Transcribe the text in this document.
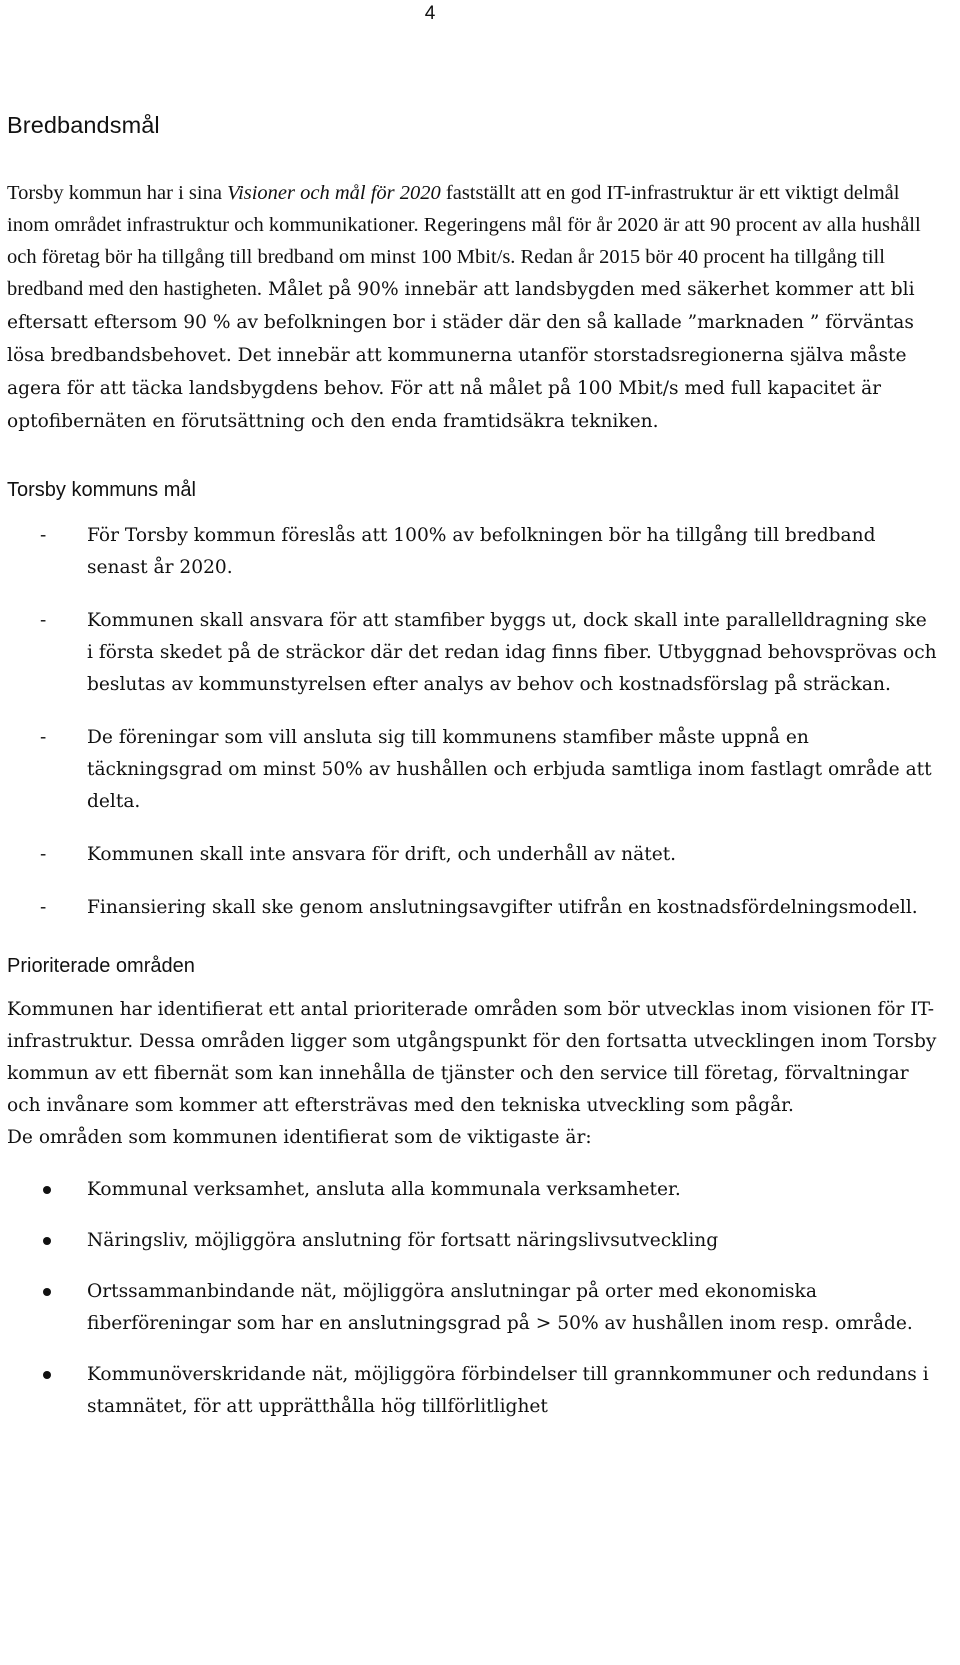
4
Bredbandsmål

Torsby kommun har i sina Visioner och mål för 2020 fastställt att en god IT-infrastruktur är ett viktigt delmål inom området infrastruktur och kommunikationer. Regeringens mål för år 2020 är att 90 procent av alla hushåll och företag bör ha tillgång till bredband om minst 100 Mbit/s. Redan år 2015 bör 40 procent ha tillgång till bredband med den hastigheten. Målet på 90% innebär att landsbygden med säkerhet kommer att bli eftersatt eftersom 90 % av befolkningen bor i städer där den så kallade ”marknaden ” förväntas lösa bredbandsbehovet. Det innebär att kommunerna utanför storstadsregionerna själva måste agera för att täcka landsbygdens behov. För att nå målet på 100 Mbit/s med full kapacitet är optofibernäten en förutsättning och den enda framtidsäkra tekniken.

Torsby kommuns mål
- För Torsby kommun föreslås att 100% av befolkningen bör ha tillgång till bredband senast år 2020.
- Kommunen skall ansvara för att stamfiber byggs ut, dock skall inte parallelldragning ske i första skedet på de sträckor där det redan idag finns fiber. Utbyggnad behovsprövas och beslutas av kommunstyrelsen efter analys av behov och kostnadsförslag på sträckan.
- De föreningar som vill ansluta sig till kommunens stamfiber måste uppnå en täckningsgrad om minst 50% av hushållen och erbjuda samtliga inom fastlagt område att delta.
- Kommunen skall inte ansvara för drift, och underhåll av nätet.
- Finansiering skall ske genom anslutningsavgifter utifrån en kostnadsfördelningsmodell.
Prioriterade områden

Kommunen har identifierat ett antal prioriterade områden som bör utvecklas inom visionen för IT-infrastruktur. Dessa områden ligger som utgångspunkt för den fortsatta utvecklingen inom Torsby kommun av ett fibernät som kan innehålla de tjänster och den service till företag, förvaltningar och invånare som kommer att eftersträvas med den tekniska utveckling som pågår.

De områden som kommunen identifierat som de viktigaste är:

Kommunal verksamhet, ansluta alla kommunala verksamheter.
Näringsliv, möjliggöra anslutning för fortsatt näringslivsutveckling
Ortssammanbindande nät, möjliggöra anslutningar på orter med ekonomiska fiberföreningar som har en anslutningsgrad på > 50% av hushållen inom resp. område.
Kommunöverskridande nät, möjliggöra förbindelser till grannkommuner och redundans i stamnätet, för att upprätthålla hög tillförlitlighet
